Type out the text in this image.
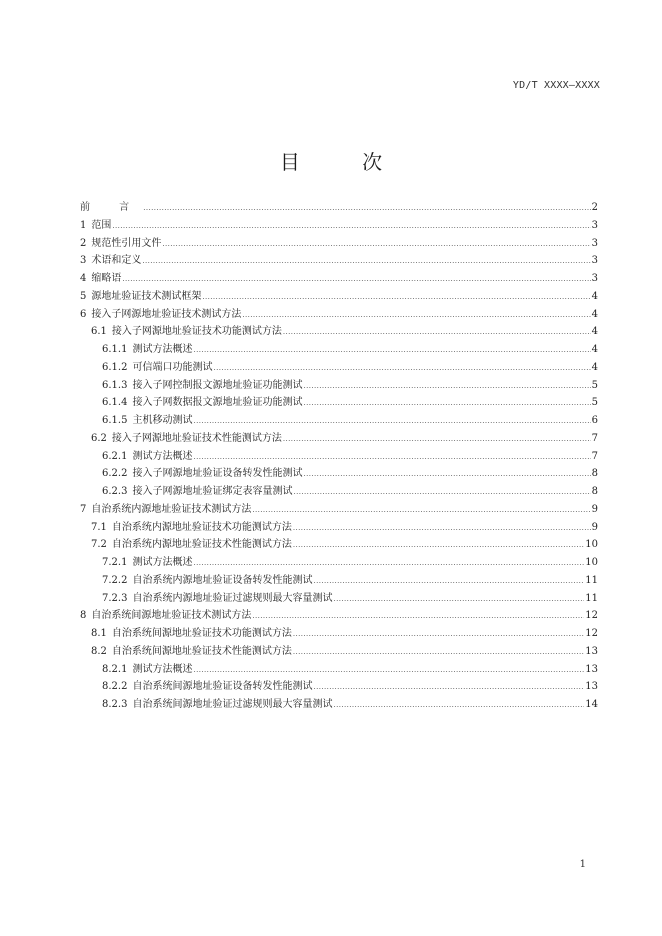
YD/T XXXX—XXXX
目 次
前 言 .....	2
1 范围 .....	3
2 规范性引用文件 .....	3
3 术语和定义 .....	3
4 缩略语 .....	3
5 源地址验证技术测试框架 .....	4
6 接入子网源地址验证技术测试方法 .....	4
6.1 接入子网源地址验证技术功能测试方法 .....	4
6.1.1 测试方法概述 .....	4
6.1.2 可信端口功能测试 .....	4
6.1.3 接入子网控制报文源地址验证功能测试 .....	5
6.1.4 接入子网数据报文源地址验证功能测试 .....	5
6.1.5 主机移动测试 .....	6
6.2 接入子网源地址验证技术性能测试方法 .....	7
6.2.1 测试方法概述 .....	7
6.2.2 接入子网源地址验证设备转发性能测试 .....	8
6.2.3 接入子网源地址验证绑定表容量测试 .....	8
7 自治系统内源地址验证技术测试方法 .....	9
7.1 自治系统内源地址验证技术功能测试方法 .....	9
7.2 自治系统内源地址验证技术性能测试方法 .....	10
7.2.1 测试方法概述 .....	10
7.2.2 自治系统内源地址验证设备转发性能测试 .....	11
7.2.3 自治系统内源地址验证过滤规则最大容量测试 .....	11
8 自治系统间源地址验证技术测试方法 .....	12
8.1 自治系统间源地址验证技术功能测试方法 .....	12
8.2 自治系统间源地址验证技术性能测试方法 .....	13
8.2.1 测试方法概述 .....	13
8.2.2 自治系统间源地址验证设备转发性能测试 .....	13
8.2.3 自治系统间源地址验证过滤规则最大容量测试 .....	14
1
